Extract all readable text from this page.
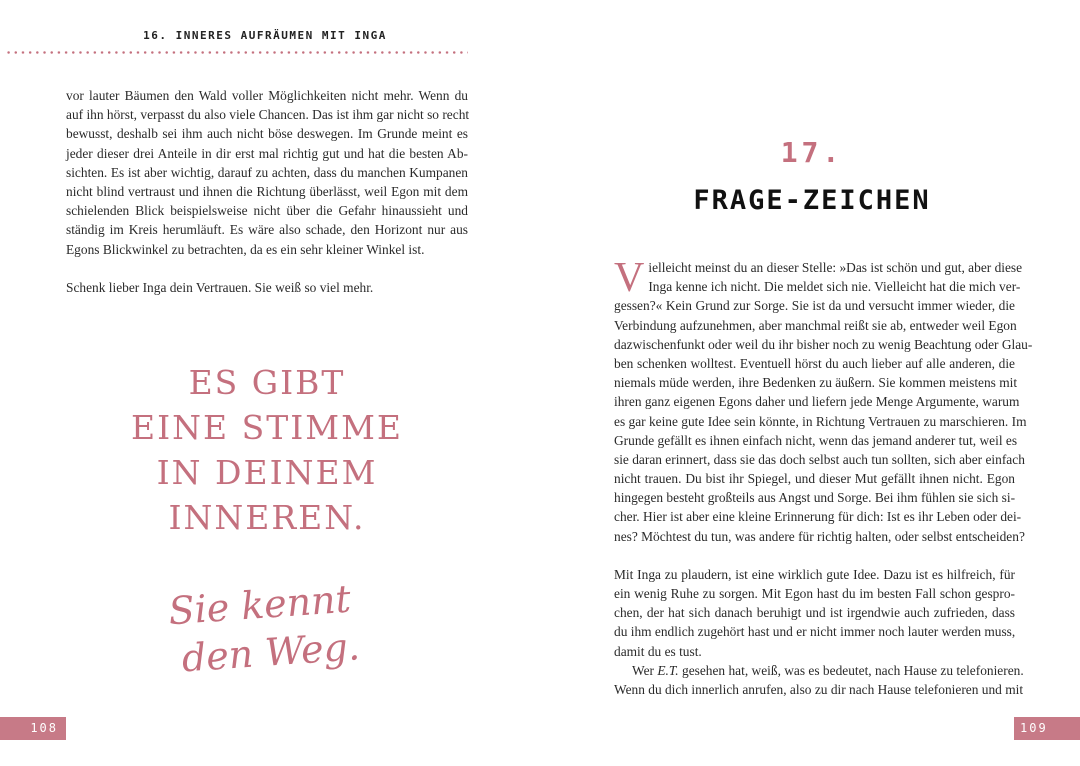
16. INNERES AUFRÄUMEN MIT INGA
vor lauter Bäumen den Wald voller Möglichkeiten nicht mehr. Wenn du
auf ihn hörst, verpasst du also viele Chancen. Das ist ihm gar nicht so recht
bewusst, deshalb sei ihm auch nicht böse deswegen. Im Grunde meint es
jeder dieser drei Anteile in dir erst mal richtig gut und hat die besten Ab-
sichten. Es ist aber wichtig, darauf zu achten, dass du manchen Kumpanen
nicht blind vertraust und ihnen die Richtung überlässt, weil Egon mit dem
schielenden Blick beispielsweise nicht über die Gefahr hinaussieht und
ständig im Kreis herumläuft. Es wäre also schade, den Horizont nur aus
Egons Blickwinkel zu betrachten, da es ein sehr kleiner Winkel ist.
Schenk lieber Inga dein Vertrauen. Sie weiß so viel mehr.
ES GIBT
EINE STIMME
IN DEINEM
INNEREN.
Sie kennt
den Weg.
108
17.
FRAGE-ZEICHEN
V ielleicht meinst du an dieser Stelle: »Das ist schön und gut, aber diese
Inga kenne ich nicht. Die meldet sich nie. Vielleicht hat die mich ver-
gessen?« Kein Grund zur Sorge. Sie ist da und versucht immer wieder, die
Verbindung aufzunehmen, aber manchmal reißt sie ab, entweder weil Egon
dazwischenfunkt oder weil du ihr bisher noch zu wenig Beachtung oder Glau-
ben schenken wolltest. Eventuell hörst du auch lieber auf alle anderen, die
niemals müde werden, ihre Bedenken zu äußern. Sie kommen meistens mit
ihren ganz eigenen Egons daher und liefern jede Menge Argumente, warum
es gar keine gute Idee sein könnte, in Richtung Vertrauen zu marschieren. Im
Grunde gefällt es ihnen einfach nicht, wenn das jemand anderer tut, weil es
sie daran erinnert, dass sie das doch selbst auch tun sollten, sich aber einfach
nicht trauen. Du bist ihr Spiegel, und dieser Mut gefällt ihnen nicht. Egon
hingegen besteht großteils aus Angst und Sorge. Bei ihm fühlen sie sich si-
cher. Hier ist aber eine kleine Erinnerung für dich: Ist es ihr Leben oder dei-
nes? Möchtest du tun, was andere für richtig halten, oder selbst entscheiden?
Mit Inga zu plaudern, ist eine wirklich gute Idee. Dazu ist es hilfreich, für
ein wenig Ruhe zu sorgen. Mit Egon hast du im besten Fall schon gespro-
chen, der hat sich danach beruhigt und ist irgendwie auch zufrieden, dass
du ihm endlich zugehört hast und er nicht immer noch lauter werden muss,
damit du es tust.
Wer E.T. gesehen hat, weiß, was es bedeutet, nach Hause zu telefonieren.
Wenn du dich innerlich anrufen, also zu dir nach Hause telefonieren und mit
109
